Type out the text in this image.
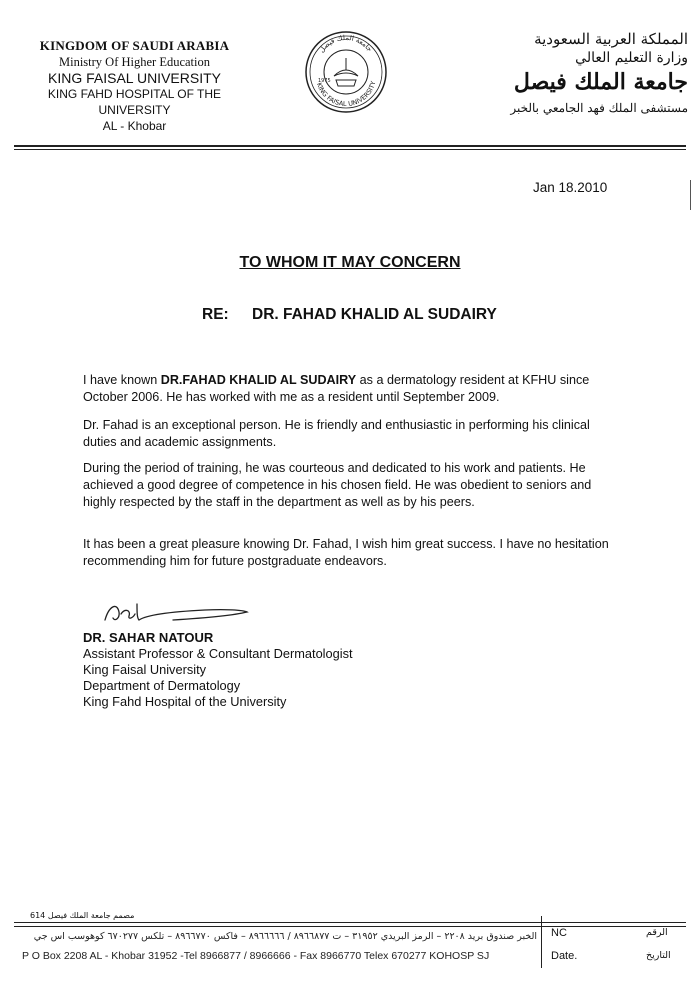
KINGDOM OF SAUDI ARABIA
Ministry Of Higher Education
KING FAISAL UNIVERSITY
KING FAHD HOSPITAL OF THE UNIVERSITY
AL - Khobar
KING FAISAL UNIVERSITY
جامعة الملك فيصل
1975
المملكة العربية السعودية
وزارة التعليم العالي
جامعة الملك فيصل
مستشفى الملك فهد الجامعي بالخبر
Jan 18.2010
TO WHOM IT MAY CONCERN
RE: DR. FAHAD KHALID AL SUDAIRY
I have known DR.FAHAD KHALID AL SUDAIRY as a dermatology resident at KFHU since October 2006. He has worked with me as a resident until September 2009.
Dr. Fahad is an exceptional person. He is friendly and enthusiastic in performing his clinical duties and academic assignments.
During the period of training, he was courteous and dedicated to his work and patients. He achieved a good degree of competence in his chosen field. He was obedient to seniors and highly respected by the staff in the department as well as by his peers.
It has been a great pleasure knowing Dr. Fahad, I wish him great success. I have no hesitation recommending him for future postgraduate endeavors.
DR. SAHAR NATOUR
Assistant Professor & Consultant Dermatologist
King Faisal University
Department of Dermatology
King Fahd Hospital of the University
مصمم جامعة الملك فيصل 614
الخبر صندوق بريد ٢٢٠٨ – الرمز البريدي ٣١٩٥٢ – ت ٨٩٦٦٨٧٧ / ٨٩٦٦٦٦٦ – فاكس ٨٩٦٦٧٧٠ – تلكس ٦٧٠٢٧٧ كوهوسب اس جي
P O Box 2208 AL - Khobar 31952 -Tel 8966877 / 8966666 - Fax 8966770 Telex 670277 KOHOSP SJ
NC	الرقم
Date.	التاريخ
